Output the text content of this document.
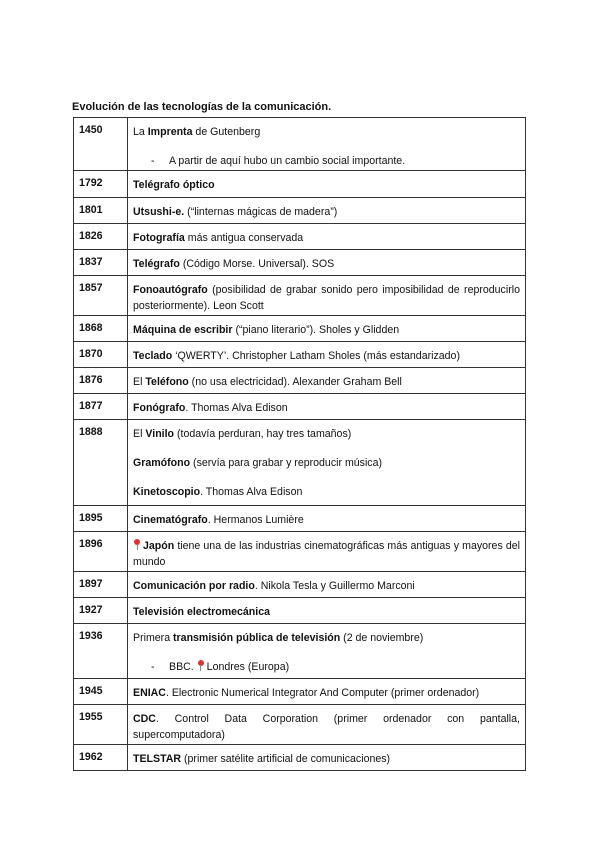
Evolución de las tecnologías de la comunicación.
1450	La Imprenta de Gutenberg
- A partir de aquí hubo un cambio social importante.

1792	Telégrafo óptico

1801	Utsushi-e. (“linternas mágicas de madera”)

1826	Fotografía más antigua conservada

1837	Telégrafo (Código Morse. Universal). SOS

1857	Fonoautógrafo (posibilidad de grabar sonido pero imposibilidad de reproducirlo posteriormente). Leon Scott

1868	Máquina de escribir (“piano literario”). Sholes y Glidden

1870	Teclado ‘QWERTY’. Christopher Latham Sholes (más estandarizado)

1876	El Teléfono (no usa electricidad). Alexander Graham Bell

1877	Fonógrafo. Thomas Alva Edison

1888	El Vinilo (todavía perduran, hay tres tamaños)
Gramófono (servía para grabar y reproducir música)
Kinetoscopio. Thomas Alva Edison

1895	Cinematógrafo. Hermanos Lumière

1896	Japón tiene una de las industrias cinematográficas más antiguas y mayores del mundo

1897	Comunicación por radio. Nikola Tesla y Guillermo Marconi

1927	Televisión electromecánica

1936	Primera transmisión pública de televisión (2 de noviembre)
- BBC. Londres (Europa)

1945	ENIAC. Electronic Numerical Integrator And Computer (primer ordenador)

1955	CDC. Control Data Corporation (primer ordenador con pantalla, supercomputadora)

1962	TELSTAR (primer satélite artificial de comunicaciones)
